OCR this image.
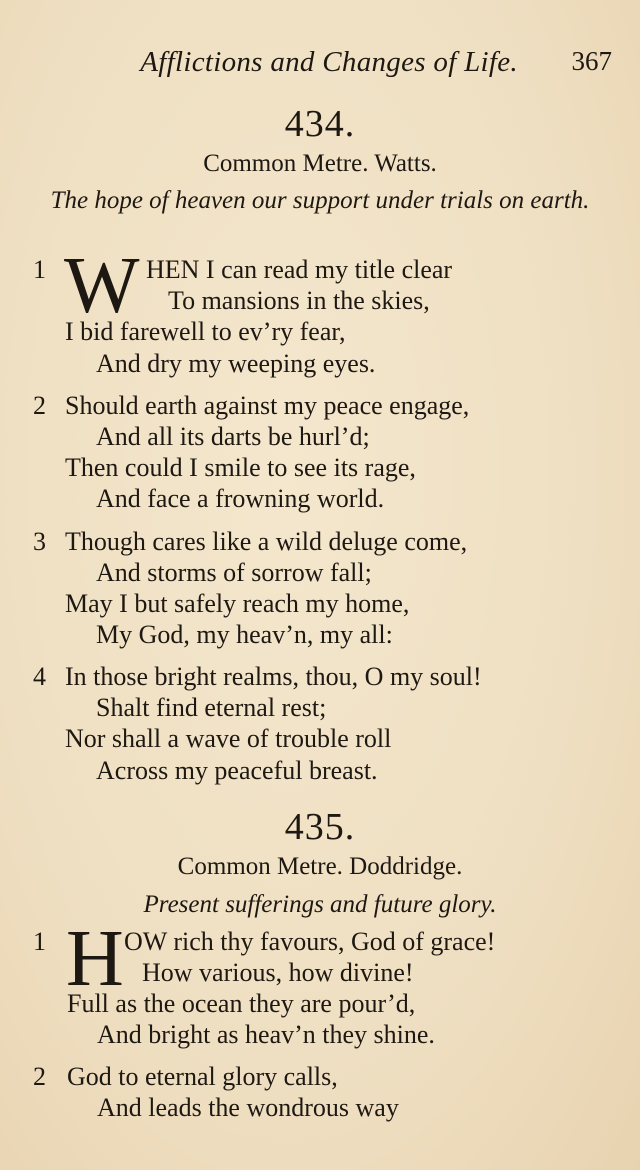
Afflictions and Changes of Life. 367
434.
Common Metre. Watts.
The hope of heaven our support under trials on earth.
1 W HEN I can read my title clear
To mansions in the skies,
I bid farewell to ev’ry fear,
And dry my weeping eyes.
2 Should earth against my peace engage,
And all its darts be hurl’d;
Then could I smile to see its rage,
And face a frowning world.
3 Though cares like a wild deluge come,
And storms of sorrow fall;
May I but safely reach my home,
My God, my heav’n, my all:
4 In those bright realms, thou, O my soul!
Shalt find eternal rest;
Nor shall a wave of trouble roll
Across my peaceful breast.
435.
Common Metre. Doddridge.
Present sufferings and future glory.
1 H OW rich thy favours, God of grace!
How various, how divine!
Full as the ocean they are pour’d,
And bright as heav’n they shine.
2 God to eternal glory calls,
And leads the wondrous way
